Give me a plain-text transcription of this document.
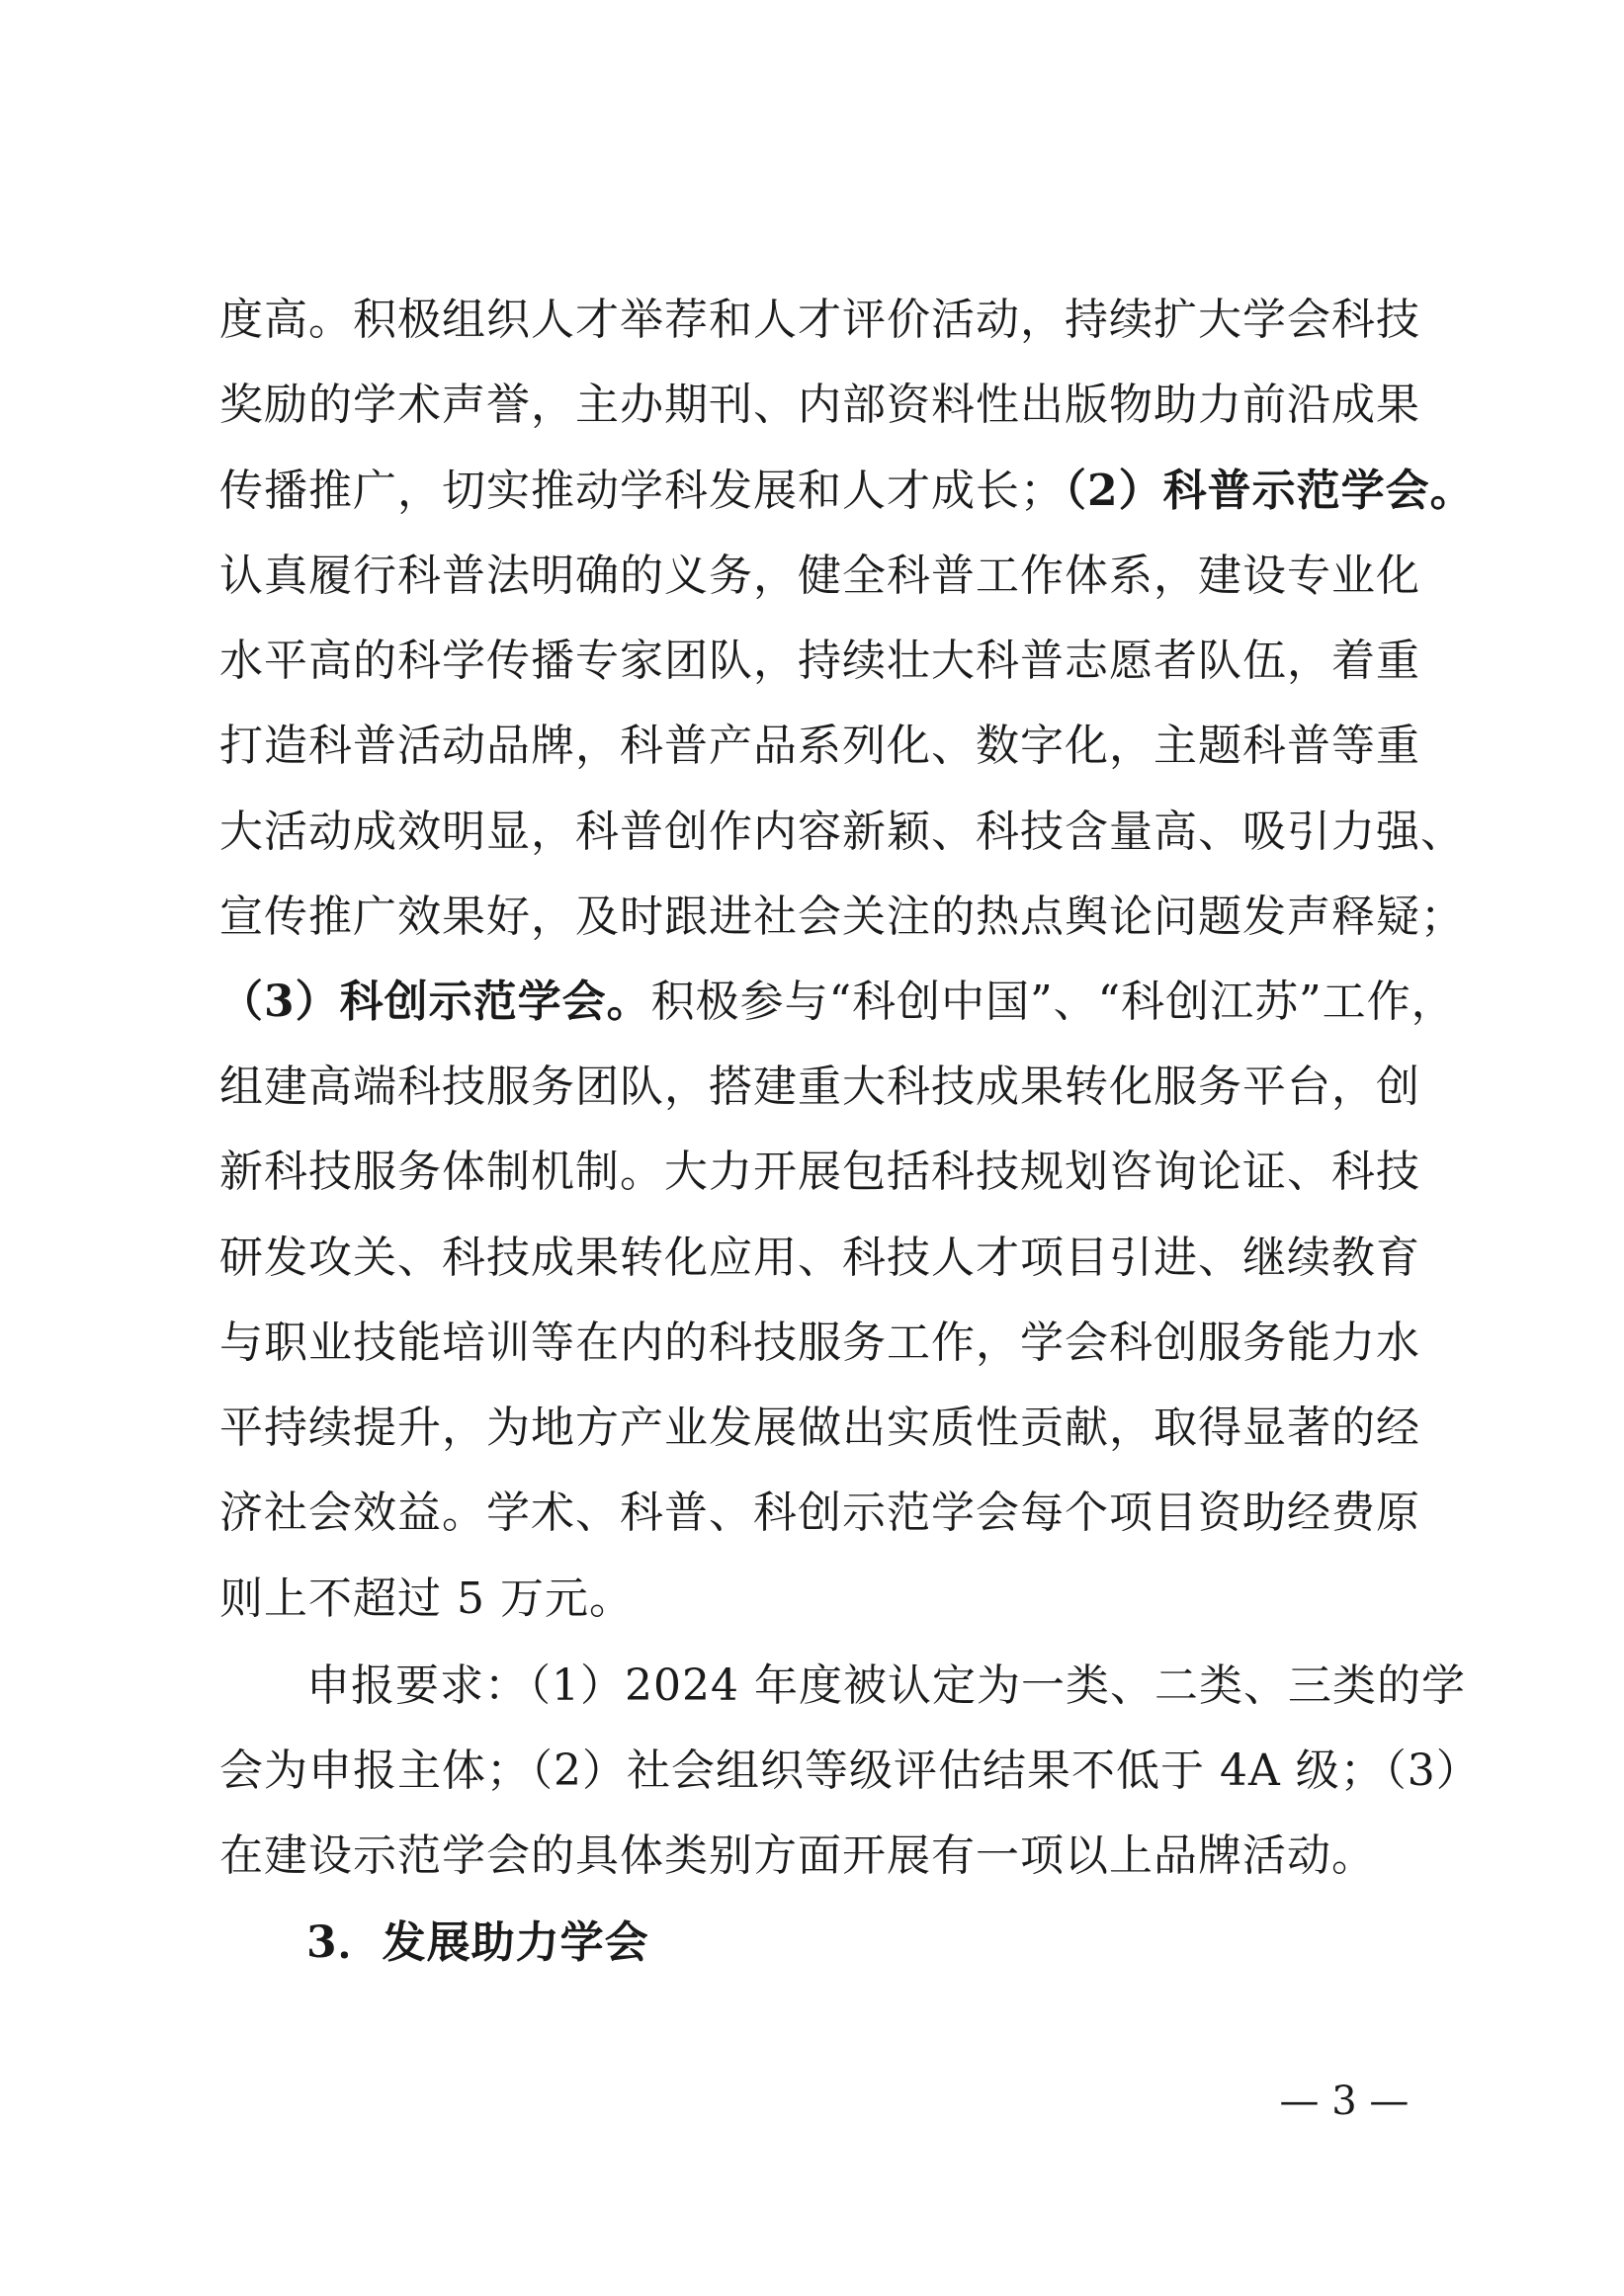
度高。积极组织人才举荐和人才评价活动，持续扩大学会科技
奖励的学术声誉，主办期刊、内部资料性出版物助力前沿成果
传播推广，切实推动学科发展和人才成长；（2）科普示范学会。
认真履行科普法明确的义务，健全科普工作体系，建设专业化
水平高的科学传播专家团队，持续壮大科普志愿者队伍，着重
打造科普活动品牌，科普产品系列化、数字化，主题科普等重
大活动成效明显，科普创作内容新颖、科技含量高、吸引力强、
宣传推广效果好，及时跟进社会关注的热点舆论问题发声释疑；
（3）科创示范学会。积极参与“科创中国”、“科创江苏”工作，
组建高端科技服务团队，搭建重大科技成果转化服务平台，创
新科技服务体制机制。大力开展包括科技规划咨询论证、科技
研发攻关、科技成果转化应用、科技人才项目引进、继续教育
与职业技能培训等在内的科技服务工作，学会科创服务能力水
平持续提升，为地方产业发展做出实质性贡献，取得显著的经
济社会效益。学术、科普、科创示范学会每个项目资助经费原
则上不超过 5 万元。
申报要求：（1）2024 年度被认定为一类、二类、三类的学
会为申报主体；（2）社会组织等级评估结果不低于 4A 级；（3）
在建设示范学会的具体类别方面开展有一项以上品牌活动。
3．发展助力学会
— 3 —
